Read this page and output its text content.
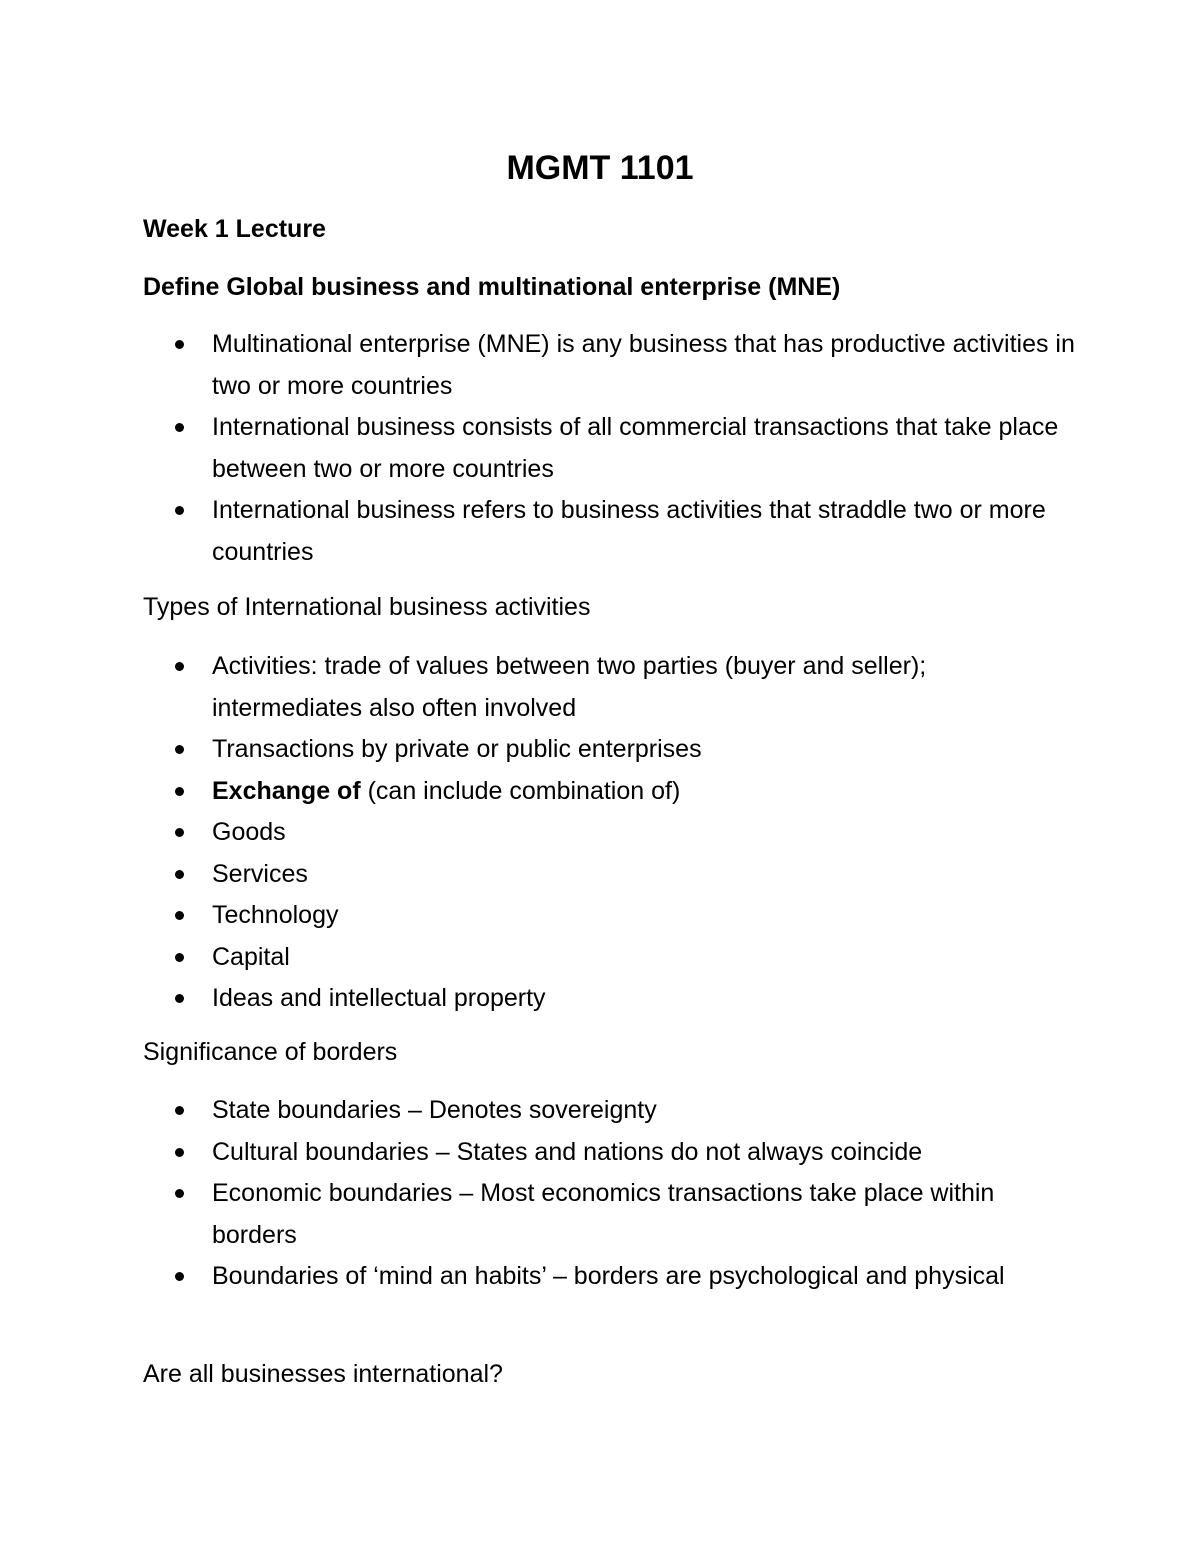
MGMT 1101

Week 1 Lecture

Define Global business and multinational enterprise (MNE)

Multinational enterprise (MNE) is any business that has productive activities in two or more countries
International business consists of all commercial transactions that take place between two or more countries
International business refers to business activities that straddle two or more countries

Types of International business activities

Activities: trade of values between two parties (buyer and seller); intermediates also often involved
Transactions by private or public enterprises
Exchange of (can include combination of)
Goods
Services
Technology
Capital
Ideas and intellectual property

Significance of borders

State boundaries – Denotes sovereignty
Cultural boundaries – States and nations do not always coincide
Economic boundaries – Most economics transactions take place within borders
Boundaries of ‘mind an habits’ – borders are psychological and physical

Are all businesses international?
